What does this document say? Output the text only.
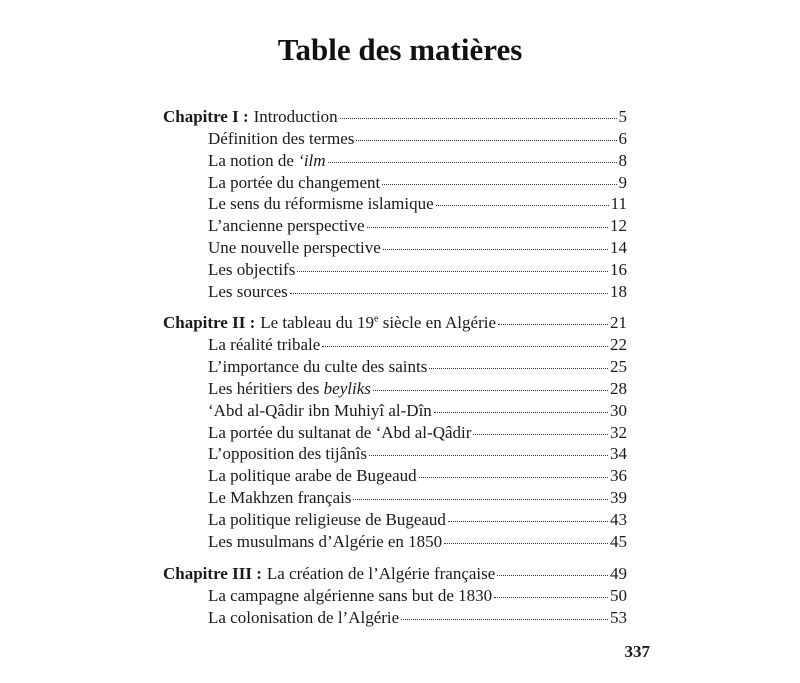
Table des matières
Chapitre I : Introduction	5
Définition des termes	6
La notion de ‘ilm	8
La portée du changement	9
Le sens du réformisme islamique	11
L’ancienne perspective	12
Une nouvelle perspective	14
Les objectifs	16
Les sources	18
Chapitre II : Le tableau du 19e siècle en Algérie	21
La réalité tribale	22
L’importance du culte des saints	25
Les héritiers des beyliks	28
‘Abd al-Qâdir ibn Muhiyî al-Dîn	30
La portée du sultanat de ‘Abd al-Qâdir	32
L’opposition des tijânîs	34
La politique arabe de Bugeaud	36
Le Makhzen français	39
La politique religieuse de Bugeaud	43
Les musulmans d’Algérie en 1850	45
Chapitre III : La création de l’Algérie française	49
La campagne algérienne sans but de 1830	50
La colonisation de l’Algérie	53
337
